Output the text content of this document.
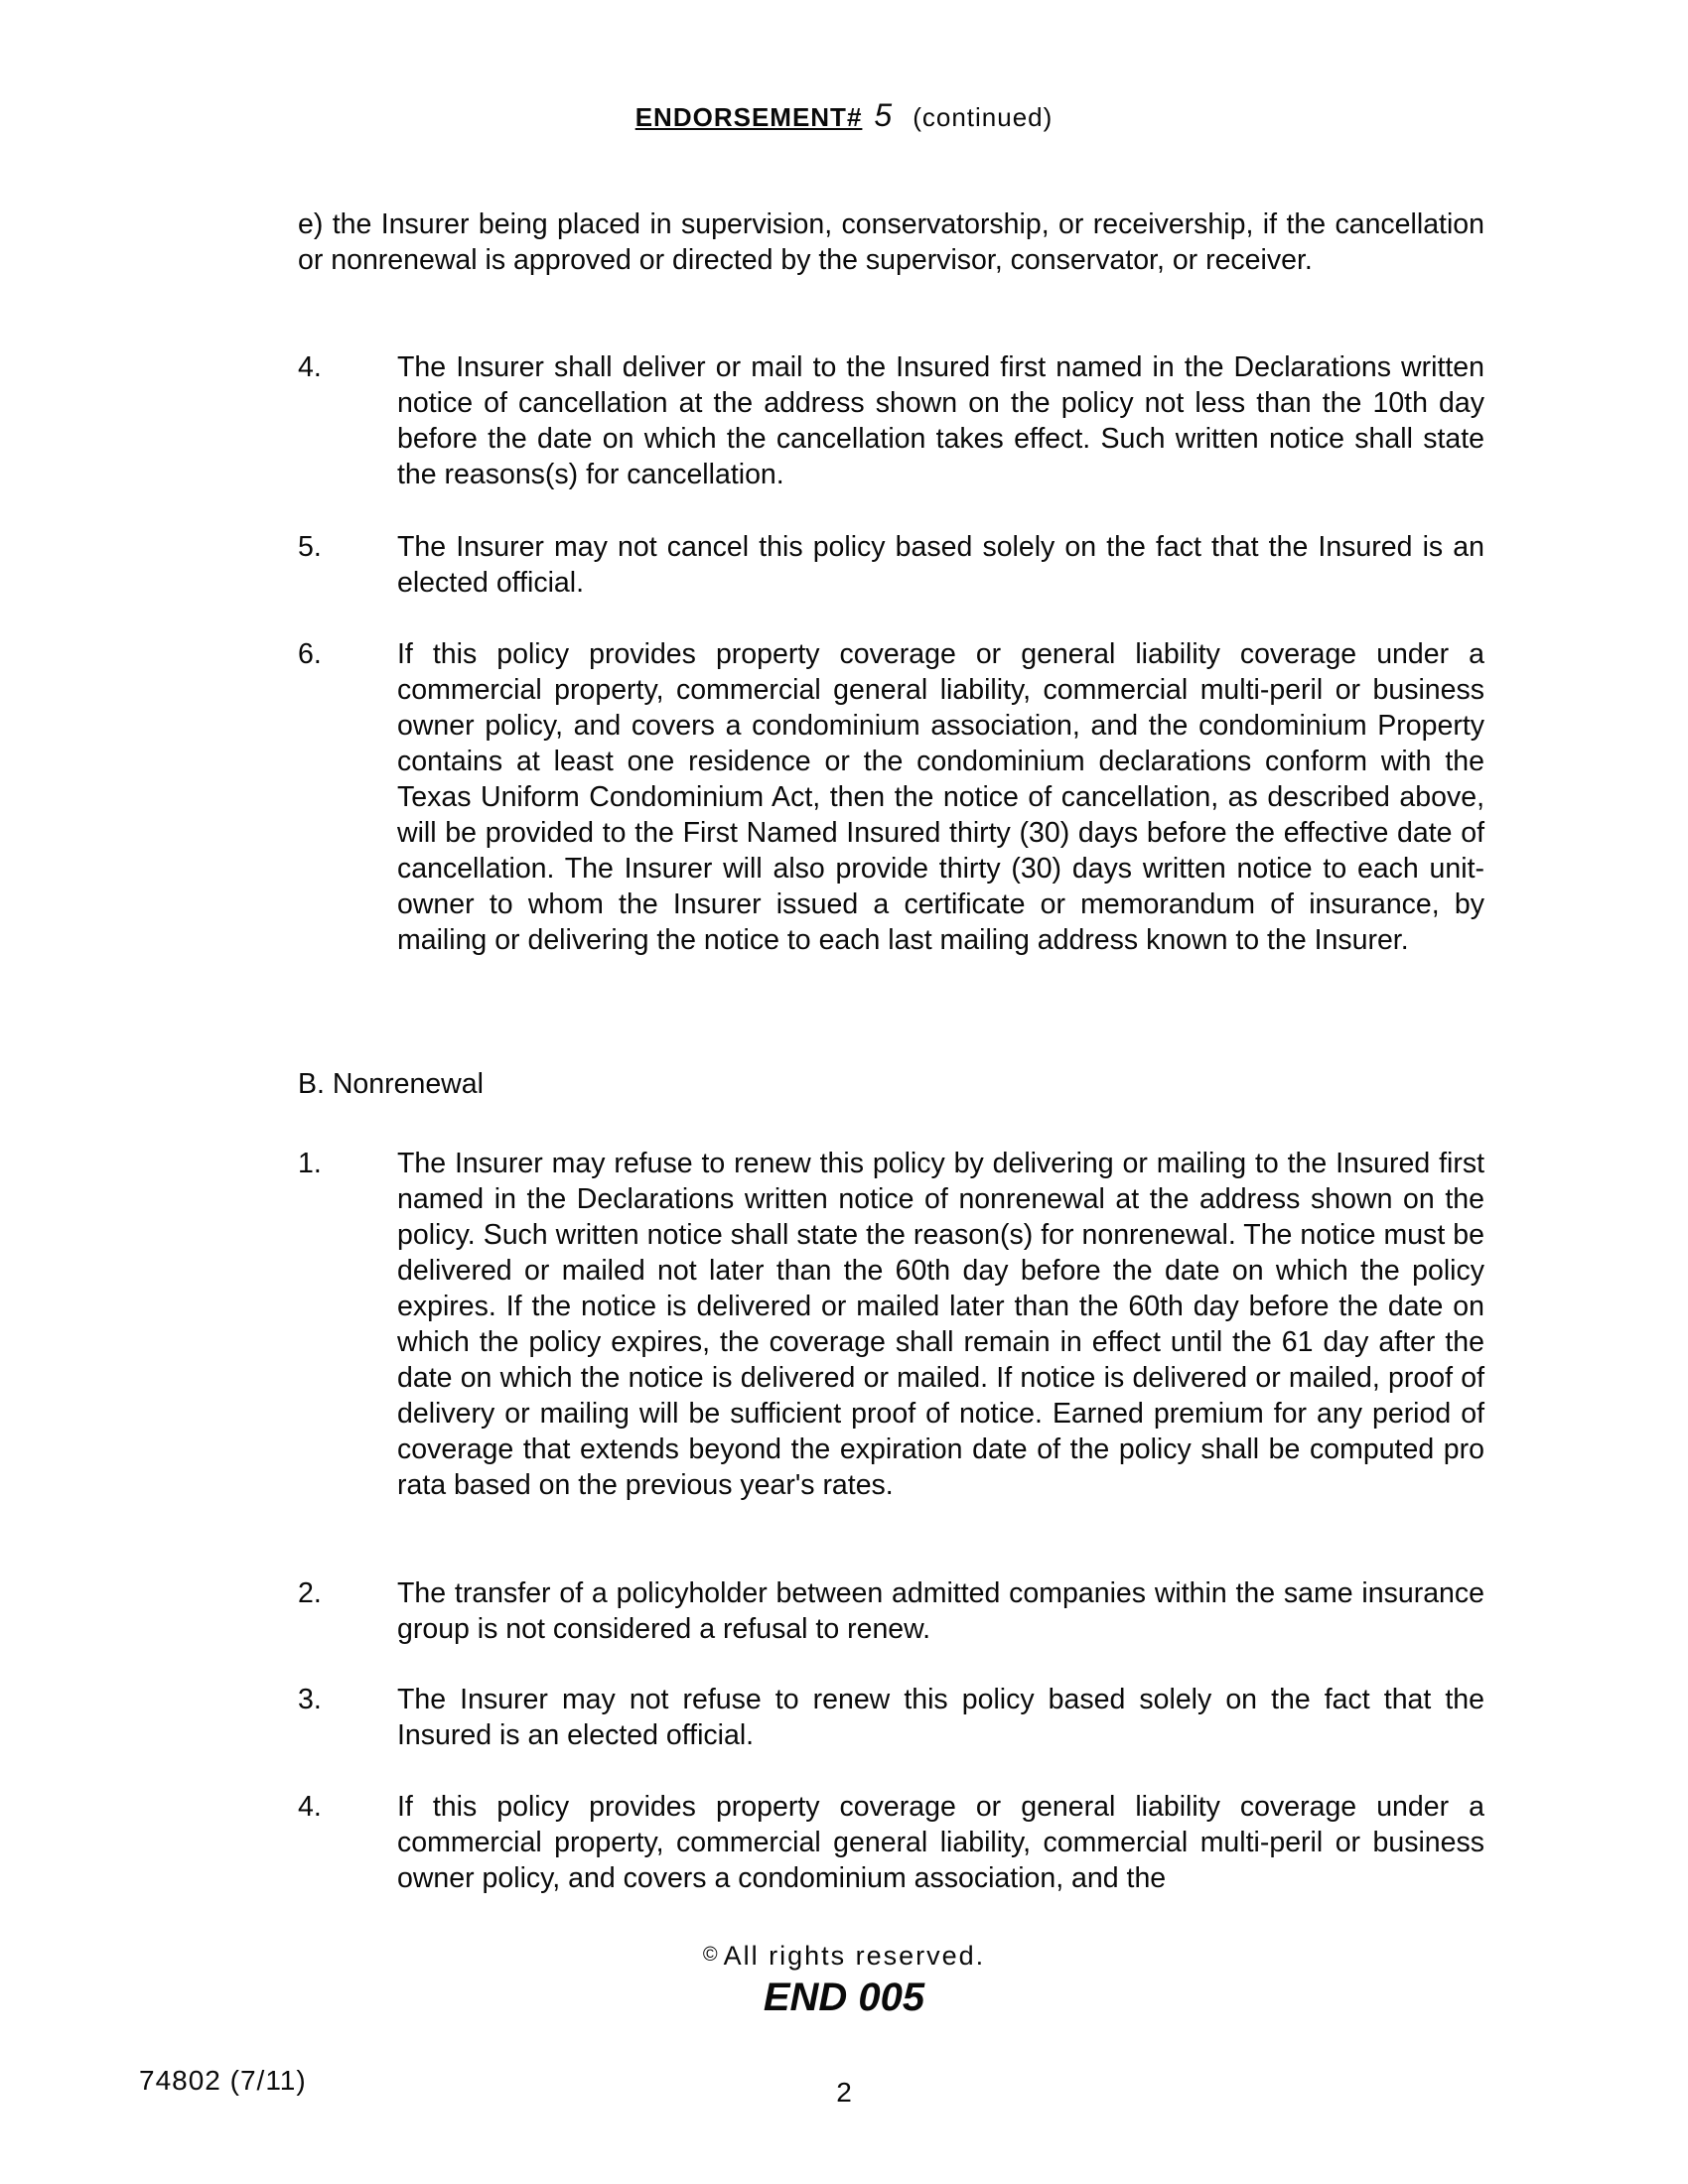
ENDORSEMENT# 5 (continued)
e) the Insurer being placed in supervision, conservatorship, or receivership, if the cancellation or nonrenewal is approved or directed by the supervisor, conservator, or receiver.
4.	The Insurer shall deliver or mail to the Insured first named in the Declarations written notice of cancellation at the address shown on the policy not less than the 10th day before the date on which the cancellation takes effect. Such written notice shall state the reasons(s) for cancellation.
5.	The Insurer may not cancel this policy based solely on the fact that the Insured is an elected official.
6.	If this policy provides property coverage or general liability coverage under a commercial property, commercial general liability, commercial multi-peril or business owner policy, and covers a condominium association, and the condominium Property contains at least one residence or the condominium declarations conform with the Texas Uniform Condominium Act, then the notice of cancellation, as described above, will be provided to the First Named Insured thirty (30) days before the effective date of cancellation. The Insurer will also provide thirty (30) days written notice to each unit-owner to whom the Insurer issued a certificate or memorandum of insurance, by mailing or delivering the notice to each last mailing address known to the Insurer.
B. Nonrenewal
1.	The Insurer may refuse to renew this policy by delivering or mailing to the Insured first named in the Declarations written notice of nonrenewal at the address shown on the policy. Such written notice shall state the reason(s) for nonrenewal. The notice must be delivered or mailed not later than the 60th day before the date on which the policy expires. If the notice is delivered or mailed later than the 60th day before the date on which the policy expires, the coverage shall remain in effect until the 61 day after the date on which the notice is delivered or mailed. If notice is delivered or mailed, proof of delivery or mailing will be sufficient proof of notice. Earned premium for any period of coverage that extends beyond the expiration date of the policy shall be computed pro rata based on the previous year's rates.
2.	The transfer of a policyholder between admitted companies within the same insurance group is not considered a refusal to renew.
3.	The Insurer may not refuse to renew this policy based solely on the fact that the Insured is an elected official.
4.	If this policy provides property coverage or general liability coverage under a commercial property, commercial general liability, commercial multi-peril or business owner policy, and covers a condominium association, and the
© All rights reserved.
END 005
74802 (7/11)	2
